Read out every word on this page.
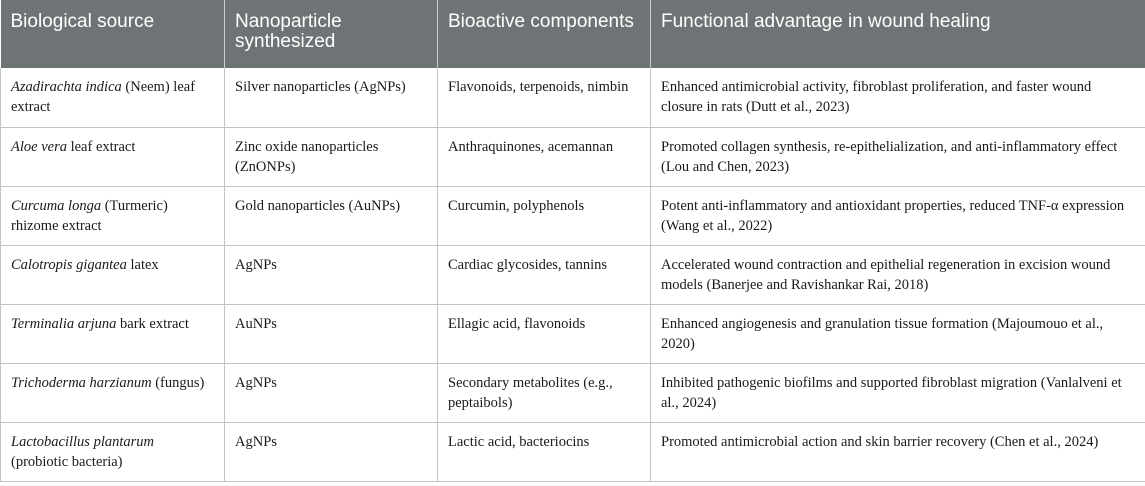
Biological source	Nanoparticle synthesized	Bioactive components	Functional advantage in wound healing
Azadirachta indica (Neem) leaf extract	Silver nanoparticles (AgNPs)	Flavonoids, terpenoids, nimbin	Enhanced antimicrobial activity, fibroblast proliferation, and faster wound closure in rats (Dutt et al., 2023)
Aloe vera leaf extract	Zinc oxide nanoparticles (ZnONPs)	Anthraquinones, acemannan	Promoted collagen synthesis, re-epithelialization, and anti-inflammatory effect (Lou and Chen, 2023)
Curcuma longa (Turmeric) rhizome extract	Gold nanoparticles (AuNPs)	Curcumin, polyphenols	Potent anti-inflammatory and antioxidant properties, reduced TNF-α expression (Wang et al., 2022)
Calotropis gigantea latex	AgNPs	Cardiac glycosides, tannins	Accelerated wound contraction and epithelial regeneration in excision wound models (Banerjee and Ravishankar Rai, 2018)
Terminalia arjuna bark extract	AuNPs	Ellagic acid, flavonoids	Enhanced angiogenesis and granulation tissue formation (Majoumouo et al., 2020)
Trichoderma harzianum (fungus)	AgNPs	Secondary metabolites (e.g., peptaibols)	Inhibited pathogenic biofilms and supported fibroblast migration (Vanlalveni et al., 2024)
Lactobacillus plantarum (probiotic bacteria)	AgNPs	Lactic acid, bacteriocins	Promoted antimicrobial action and skin barrier recovery (Chen et al., 2024)
